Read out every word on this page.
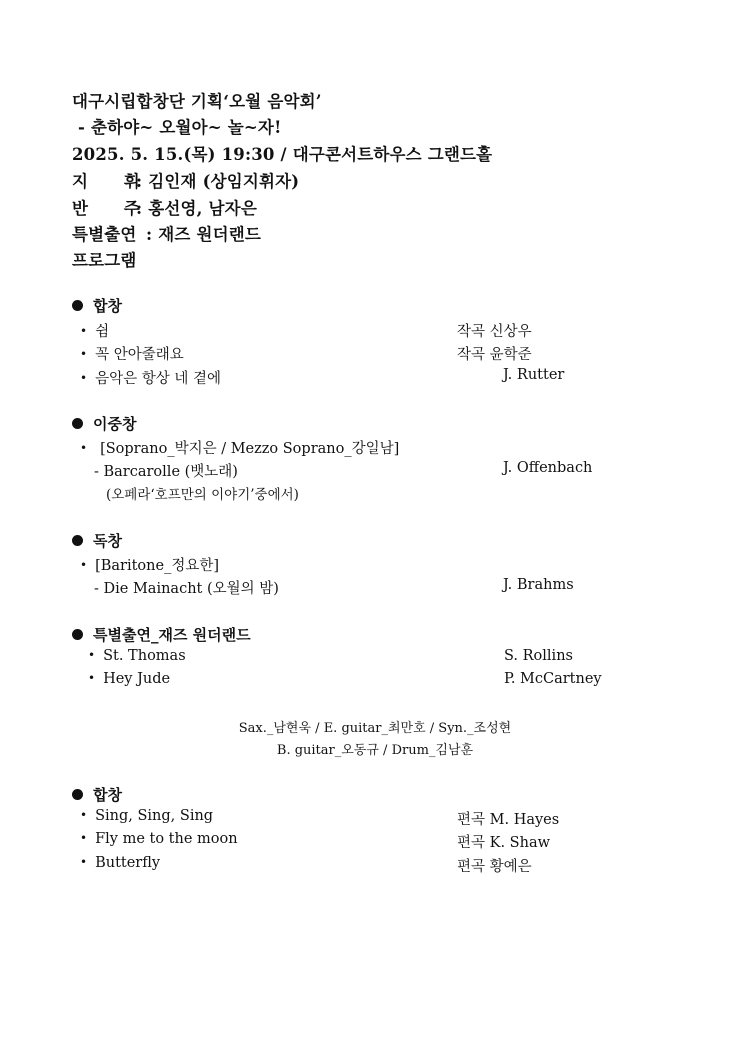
대구시립합창단 기획‘오월 음악회’
- 춘하야~ 오월아~ 놀~자!
2025. 5. 15.(목) 19:30 / 대구콘서트하우스 그랜드홀
지      휘: 김인재 (상임지휘자)
반      주: 홍선영, 남자은
특별출연 : 재즈 원더랜드
프로그램
합창
• 쉼	작곡 신상우
• 꼭 안아줄래요	작곡 윤학준
• 음악은 항상 네 곁에	J. Rutter
이중창
• [Soprano_박지은 / Mezzo Soprano_강일남]
- Barcarolle (뱃노래)	J. Offenbach
(오페라‘호프만의 이야기’중에서)
독창
• [Baritone_정요한]
- Die Mainacht (오월의 밤)	J. Brahms
특별출연_재즈 원더랜드
• St. Thomas	S. Rollins
• Hey Jude	P. McCartney
Sax._남현욱 / E. guitar_최만호 / Syn._조성현
B. guitar_오동규 / Drum_김남훈
합창
• Sing, Sing, Sing	편곡 M. Hayes
• Fly me to the moon	편곡 K. Shaw
• Butterfly	편곡 황예은
